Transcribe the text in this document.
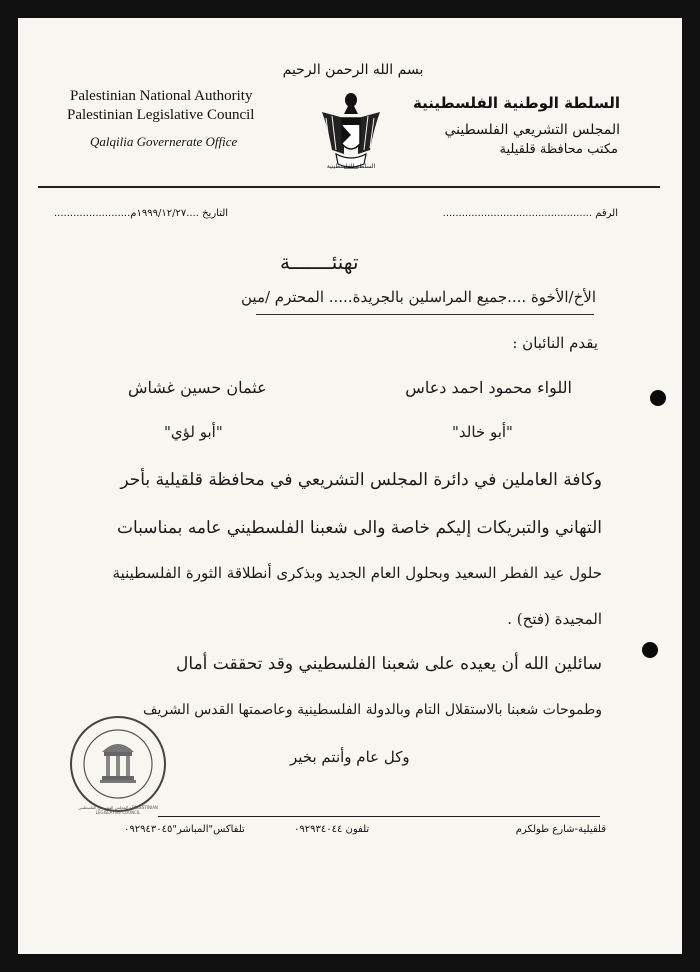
بسم الله الرحمن الرحيم
Palestinian National Authority
Palestinian Legislative Council
Qalqilia Governerate Office
السلطة الفلسطينية
السلطة الوطنية الفلسطينية
المجلس التشريعي الفلسطيني
مكتب محافظة قلقيلية
التاريخ ....١٩٩٩/١٢/٢٧م........................	الرقم ...............................................
تهنئـــــــة
الأخ/الأخوة ....جميع المراسلين بالجريدة..... المحترم /مين
يقدم النائبان :
اللواء محمود احمد دعاس
عثمان حسين غشاش
"أبو خالد"
"أبو لؤي"
وكافة العاملين في دائرة المجلس التشريعي في محافظة قلقيلية بأحر
التهاني والتبريكات إليكم خاصة والى شعبنا الفلسطيني عامه بمناسبات
حلول عيد الفطر السعيد وبحلول العام الجديد وبذكرى أنطلاقة الثورة الفلسطينية
المجيدة (فتح) .
سائلين الله أن يعيده على شعبنا الفلسطيني وقد تحققت أمال
وطموحات شعبنا بالاستقلال التام وبالدولة الفلسطينية وعاصمتها القدس الشريف
وكل عام وأنتم بخير
المجلس التشريعي الفلسطيني - PALESTINIAN LEGISLATIVE COUNCIL
قلقيلية-شارع طولكرم
تلفون ٠٩٢٩٣٤٠٤٤
تلفاكس"المباشر"٠٩٢٩٤٣٠٤٥
